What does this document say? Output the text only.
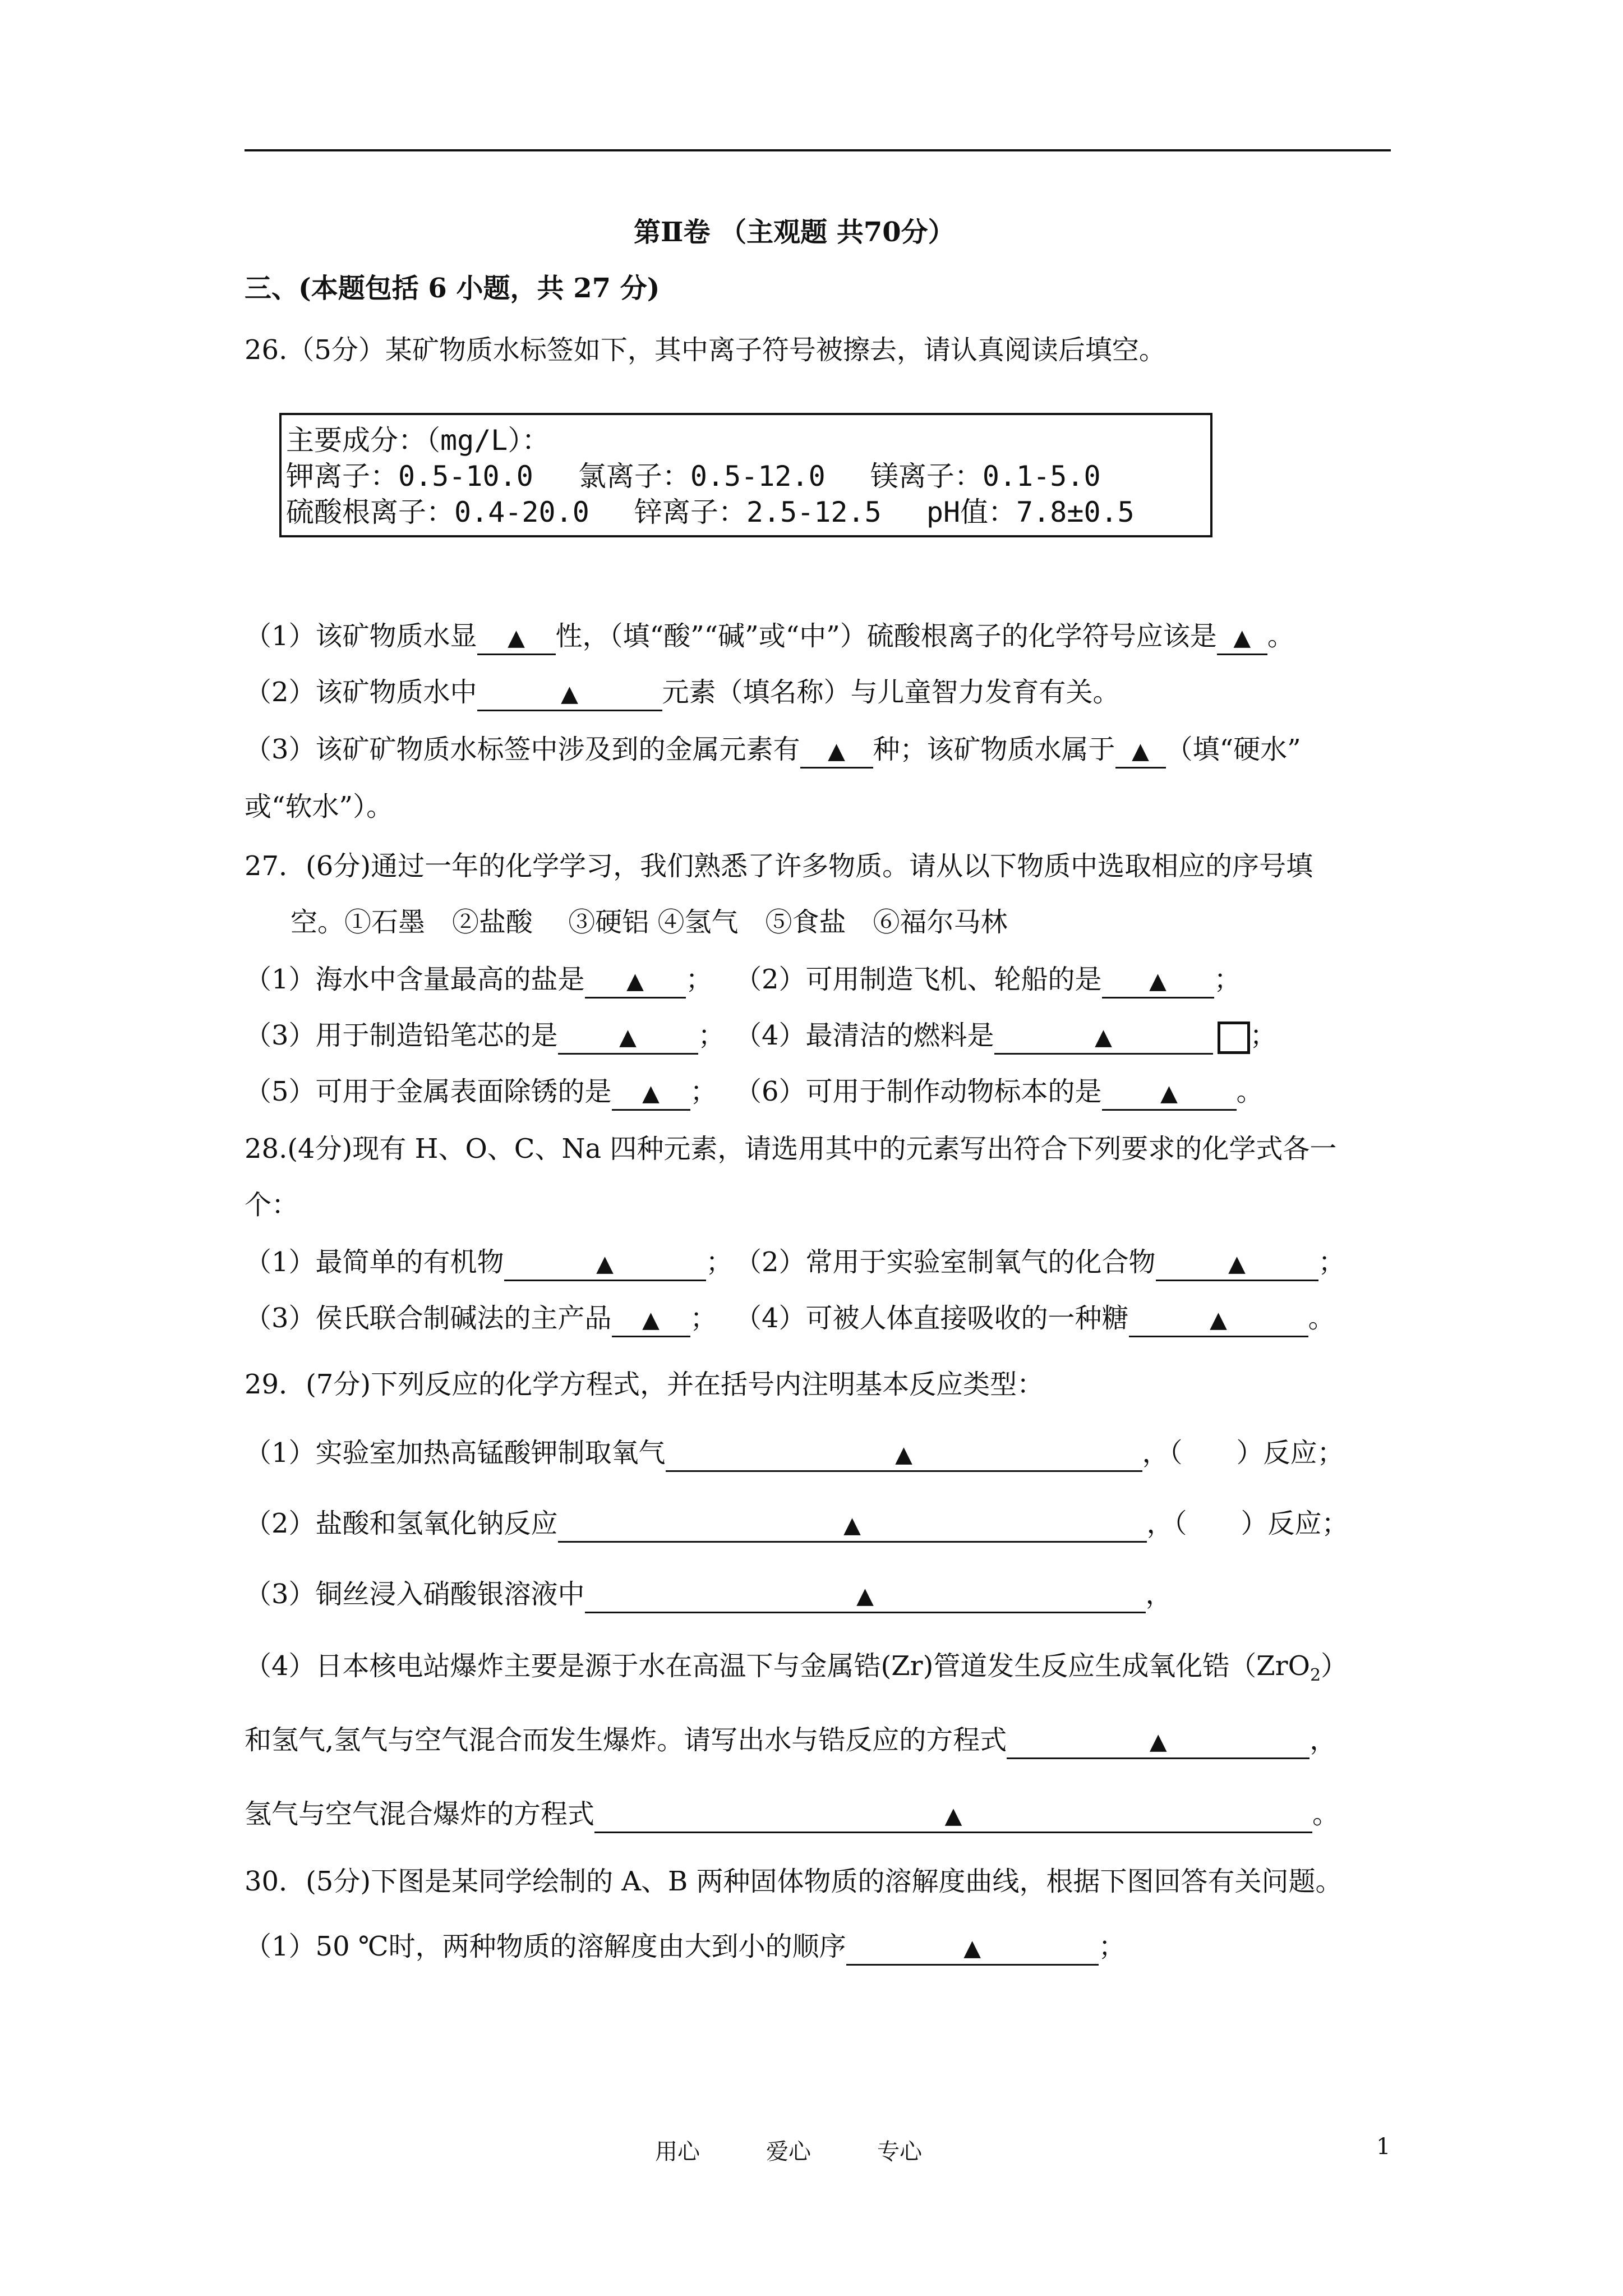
第Ⅱ卷 （主观题 共70分）
三、(本题包括 6 小题，共 27 分)
26.（5分）某矿物质水标签如下，其中离子符号被擦去，请认真阅读后填空。
主要成分：（mg/L）：
钾离子：0.5-10.0　 氯离子：0.5-12.0　 镁离子：0.1-5.0
硫酸根离子：0.4-20.0　 锌离子：2.5-12.5　 pH值：7.8±0.5
（1）该矿物质水显 ▲ 性，（填“酸”“碱”或“中”）硫酸根离子的化学符号应该是 ▲ 。
（2）该矿物质水中	▲	元素（填名称）与儿童智力发育有关。
（3）该矿矿物质水标签中涉及到的金属元素有 ▲ 种；该矿物质水属于 ▲ （填“硬水”
或“软水”）。
27．(6分)通过一年的化学学习，我们熟悉了许多物质。请从以下物质中选取相应的序号填
空。①石墨　②盐酸　 ③硬铝 ④氢气　⑤食盐　⑥福尔马林
（1）海水中含量最高的盐是 ▲ ； （2）可用制造飞机、轮船的是 ▲ ；
（3）用于制造铅笔芯的是	▲ ； （4）最清洁的燃料是	▲	；
（5）可用于金属表面除锈的是 ▲ ； （6）可用于制作动物标本的是	▲ 。
28.(4分)现有 H、O、C、Na 四种元素，请选用其中的元素写出符合下列要求的化学式各一
个：
（1）最简单的有机物	▲	； （2）常用于实验室制氧气的化合物	▲	；
（3）侯氏联合制碱法的主产品 ▲ ； （4）可被人体直接吸收的一种糖	▲	。
29．(7分)下列反应的化学方程式，并在括号内注明基本反应类型：
（1）实验室加热高锰酸钾制取氧气	▲	，（　　）反应；
（2）盐酸和氢氧化钠反应	▲	，（　　）反应；
（3）铜丝浸入硝酸银溶液中	▲	，
（4）日本核电站爆炸主要是源于水在高温下与金属锆(Zr)管道发生反应生成氧化锆（ZrO$_2$）
和氢气,氢气与空气混合而发生爆炸。请写出水与锆反应的方程式	▲	，
氢气与空气混合爆炸的方程式	▲	。
30．(5分)下图是某同学绘制的 A、B 两种固体物质的溶解度曲线，根据下图回答有关问题。
（1）50 ℃时，两种物质的溶解度由大到小的顺序	▲	；
用心	爱心	专心	1
